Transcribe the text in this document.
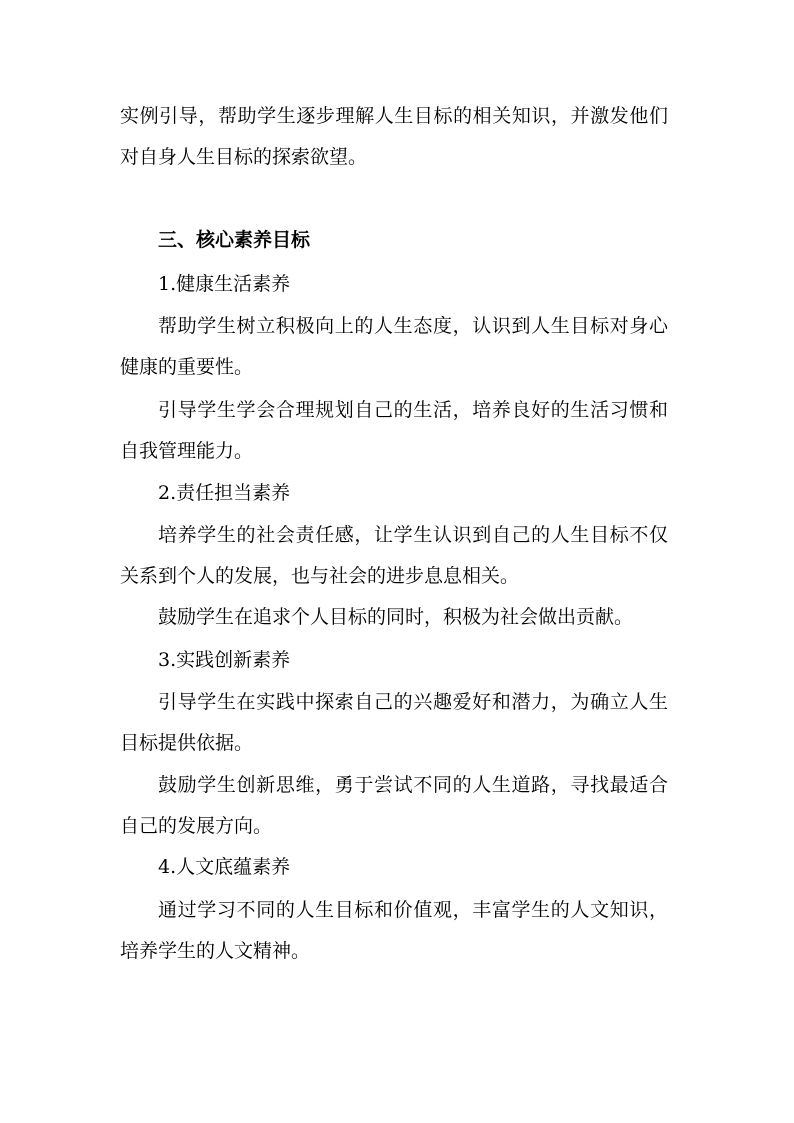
实例引导，帮助学生逐步理解人生目标的相关知识，并激发他们对自身人生目标的探索欲望。

三、核心素养目标

1.健康生活素养

帮助学生树立积极向上的人生态度，认识到人生目标对身心健康的重要性。

引导学生学会合理规划自己的生活，培养良好的生活习惯和自我管理能力。

2.责任担当素养

培养学生的社会责任感，让学生认识到自己的人生目标不仅关系到个人的发展，也与社会的进步息息相关。

鼓励学生在追求个人目标的同时，积极为社会做出贡献。

3.实践创新素养

引导学生在实践中探索自己的兴趣爱好和潜力，为确立人生目标提供依据。

鼓励学生创新思维，勇于尝试不同的人生道路，寻找最适合自己的发展方向。

4.人文底蕴素养

通过学习不同的人生目标和价值观，丰富学生的人文知识，培养学生的人文精神。
